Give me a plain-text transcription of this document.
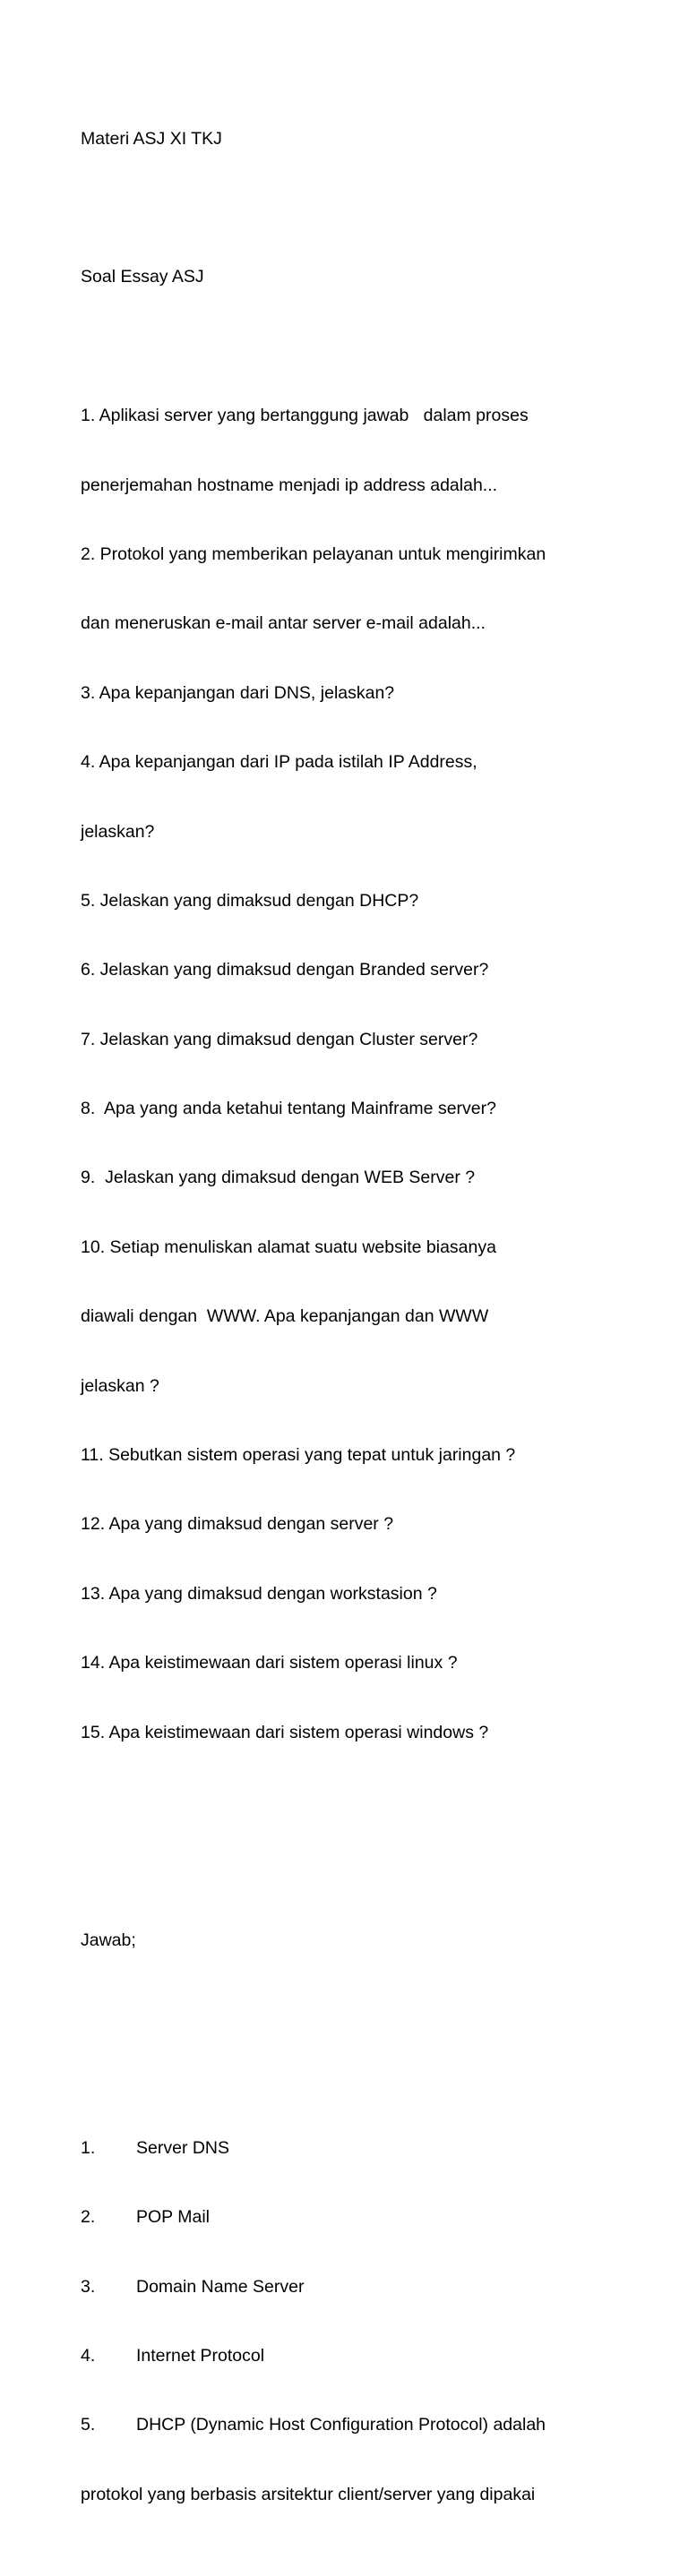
Materi ASJ XI TKJ

Soal Essay ASJ

1. Aplikasi server yang bertanggung jawab   dalam proses

penerjemahan hostname menjadi ip address adalah...

2. Protokol yang memberikan pelayanan untuk mengirimkan

dan meneruskan e-mail antar server e-mail adalah...

3. Apa kepanjangan dari DNS, jelaskan?

4. Apa kepanjangan dari IP pada istilah IP Address,

jelaskan?

5. Jelaskan yang dimaksud dengan DHCP?

6. Jelaskan yang dimaksud dengan Branded server?

7. Jelaskan yang dimaksud dengan Cluster server?

8.  Apa yang anda ketahui tentang Mainframe server?

9.  Jelaskan yang dimaksud dengan WEB Server ?

10. Setiap menuliskan alamat suatu website biasanya

diawali dengan  WWW. Apa kepanjangan dan WWW

jelaskan ?

11. Sebutkan sistem operasi yang tepat untuk jaringan ?

12. Apa yang dimaksud dengan server ?

13. Apa yang dimaksud dengan workstasion ?

14. Apa keistimewaan dari sistem operasi linux ?

15. Apa keistimewaan dari sistem operasi windows ?

Jawab;

1. Server DNS

2. POP Mail

3. Domain Name Server

4. Internet Protocol

5. DHCP (Dynamic Host Configuration Protocol) adalah

protokol yang berbasis arsitektur client/server yang dipakai
